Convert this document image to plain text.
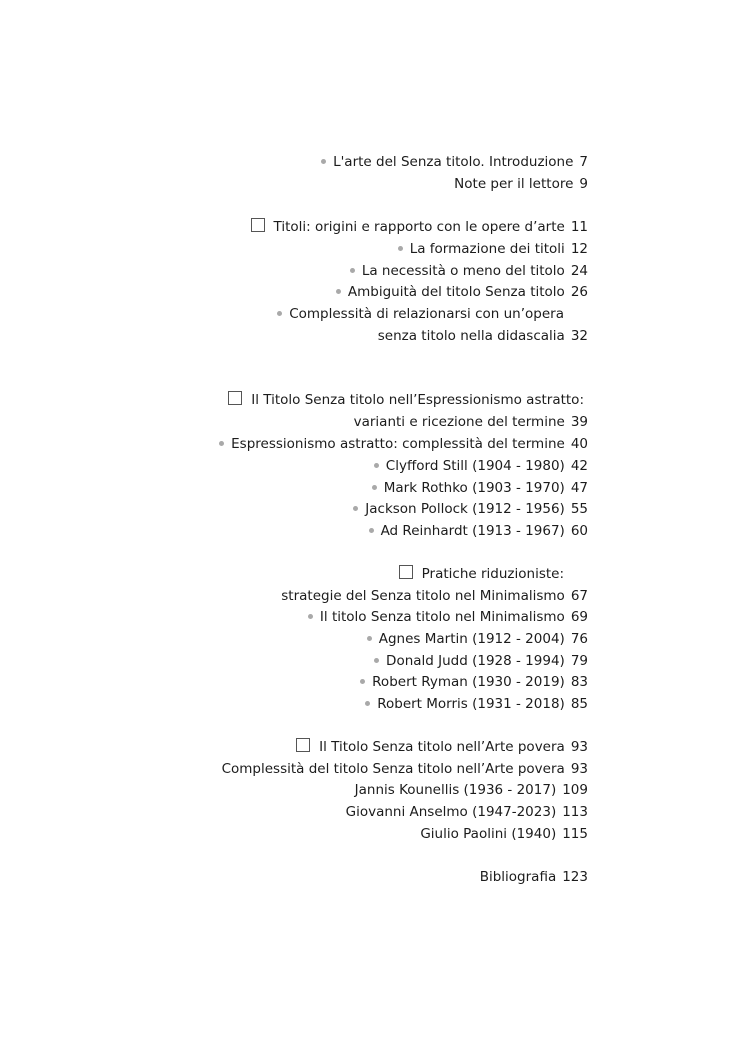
L'arte del Senza titolo. Introduzione 7
Note per il lettore 9
Titoli: origini e rapporto con le opere d’arte 11
La formazione dei titoli 12
La necessità o meno del titolo 24
Ambiguità del titolo Senza titolo 26
Complessità di relazionarsi con un’opera
senza titolo nella didascalia 32
Il Titolo Senza titolo nell’Espressionismo astratto:
varianti e ricezione del termine 39
Espressionismo astratto: complessità del termine 40
Clyfford Still (1904 - 1980) 42
Mark Rothko (1903 - 1970) 47
Jackson Pollock (1912 - 1956) 55
Ad Reinhardt (1913 - 1967) 60
Pratiche riduzioniste:
strategie del Senza titolo nel Minimalismo 67
Il titolo Senza titolo nel Minimalismo 69
Agnes Martin (1912 - 2004) 76
Donald Judd (1928 - 1994) 79
Robert Ryman (1930 - 2019) 83
Robert Morris (1931 - 2018) 85
Il Titolo Senza titolo nell’Arte povera 93
Complessità del titolo Senza titolo nell’Arte povera 93
Jannis Kounellis (1936 - 2017) 109
Giovanni Anselmo (1947-2023) 113
Giulio Paolini (1940) 115
Bibliografia 123
